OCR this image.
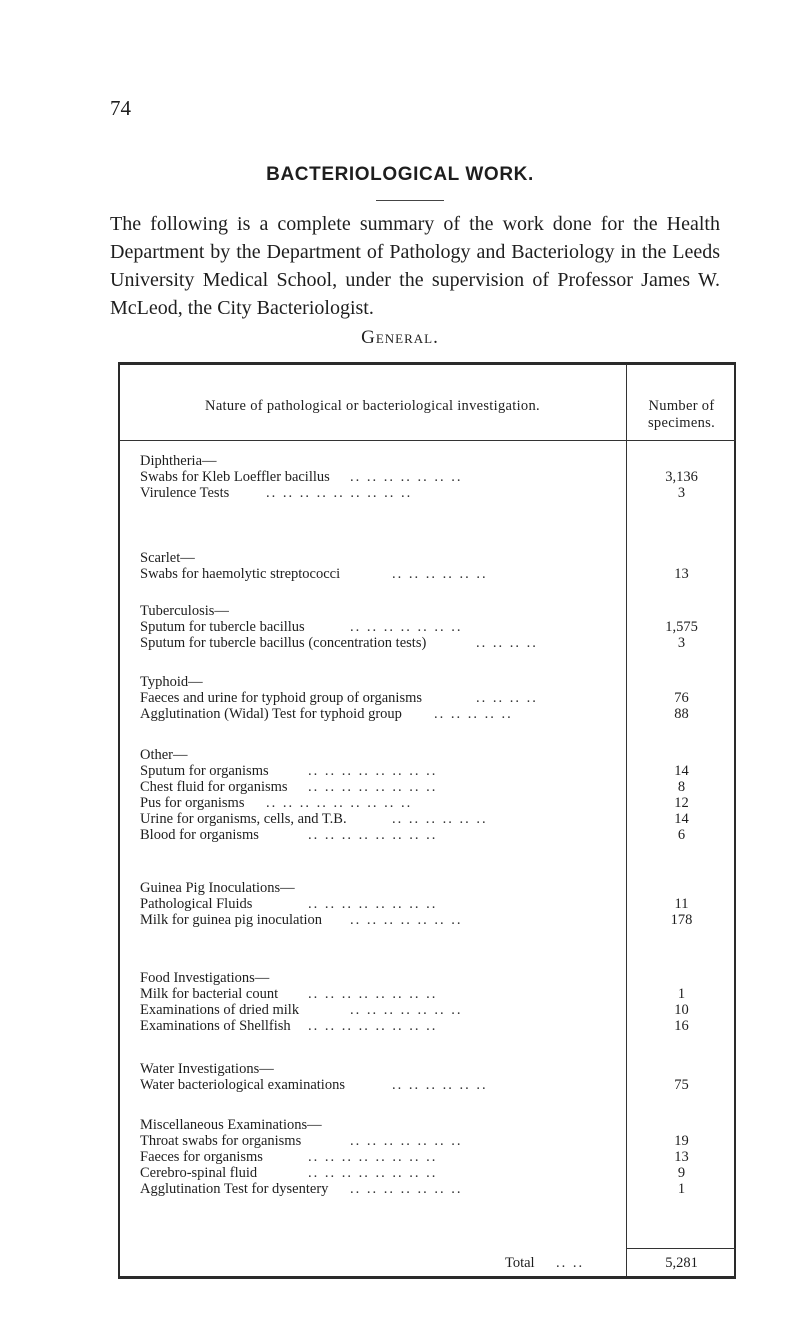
74
BACTERIOLOGICAL WORK.

The following is a complete summary of the work done for the Health Department by the Department of Pathology and Bacteriology in the Leeds University Medical School, under the supervision of Professor James W. McLeod, the City Bacteriologist.

General.
Nature of pathological or bacteriological investigation.	Number of specimens.
Diphtheria—
Swabs for Kleb Loeffler bacillus	3,136
.. .. .. .. .. .. ..
Virulence Tests	3
.. .. .. .. .. .. .. .. ..
Scarlet—
Swabs for haemolytic streptococci	13
.. .. .. .. .. ..
Tuberculosis—
Sputum for tubercle bacillus	1,575
.. .. .. .. .. .. ..
Sputum for tubercle bacillus (concentration tests)	3
.. .. .. ..
Typhoid—
Faeces and urine for typhoid group of organisms	76
.. .. .. ..
Agglutination (Widal) Test for typhoid group	88
.. .. .. .. ..
Other—
Sputum for organisms	14
.. .. .. .. .. .. .. ..
Chest fluid for organisms	8
.. .. .. .. .. .. .. ..
Pus for organisms	12
.. .. .. .. .. .. .. .. ..
Urine for organisms, cells, and T.B.	14
.. .. .. .. .. ..
Blood for organisms	6
.. .. .. .. .. .. .. ..
Guinea Pig Inoculations—
Pathological Fluids	11
.. .. .. .. .. .. .. ..
Milk for guinea pig inoculation	178
.. .. .. .. .. .. ..
Food Investigations—
Milk for bacterial count	1
.. .. .. .. .. .. .. ..
Examinations of dried milk	10
.. .. .. .. .. .. ..
Examinations of Shellfish	16
.. .. .. .. .. .. .. ..
Water Investigations—
Water bacteriological examinations	75
.. .. .. .. .. ..
Miscellaneous Examinations—
Throat swabs for organisms	19
.. .. .. .. .. .. ..
Faeces for organisms	13
.. .. .. .. .. .. .. ..
Cerebro-spinal fluid	9
.. .. .. .. .. .. .. ..
Agglutination Test for dysentery	1
.. .. .. .. .. .. ..
Total .. ..	5,281
